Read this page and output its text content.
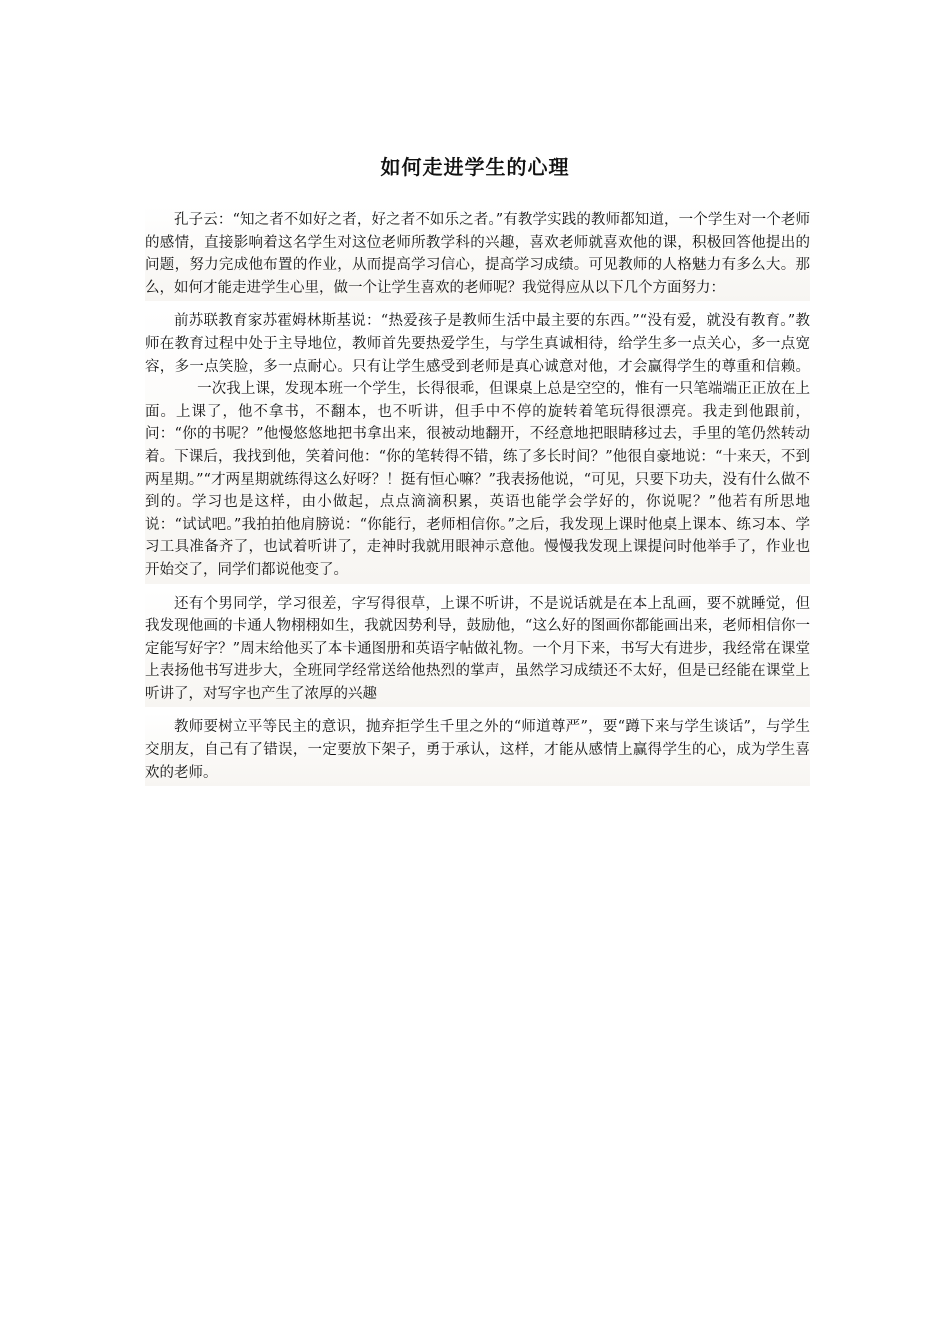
如何走进学生的心理

孔子云：“知之者不如好之者，好之者不如乐之者。”有教学实践的教师都知道，一个学生对一个老师的感情，直接影响着这名学生对这位老师所教学科的兴趣，喜欢老师就喜欢他的课，积极回答他提出的问题，努力完成他布置的作业，从而提高学习信心，提高学习成绩。可见教师的人格魅力有多么大。那么，如何才能走进学生心里，做一个让学生喜欢的老师呢？我觉得应从以下几个方面努力：

前苏联教育家苏霍姆林斯基说：“热爱孩子是教师生活中最主要的东西。”“没有爱，就没有教育。”教师在教育过程中处于主导地位，教师首先要热爱学生，与学生真诚相待，给学生多一点关心，多一点宽容，多一点笑脸，多一点耐心。只有让学生感受到老师是真心诚意对他，才会赢得学生的尊重和信赖。一次我上课，发现本班一个学生，长得很乖，但课桌上总是空空的，惟有一只笔端端正正放在上面。上课了，他不拿书，不翻本，也不听讲，但手中不停的旋转着笔玩得很漂亮。我走到他跟前，问：“你的书呢？”他慢悠悠地把书拿出来，很被动地翻开，不经意地把眼睛移过去，手里的笔仍然转动着。下课后，我找到他，笑着问他：“你的笔转得不错，练了多长时间？”他很自豪地说：“十来天，不到两星期。”“才两星期就练得这么好呀？！挺有恒心嘛？”我表扬他说，“可见，只要下功夫，没有什么做不到的。学习也是这样，由小做起，点点滴滴积累，英语也能学会学好的，你说呢？”他若有所思地说：“试试吧。”我拍拍他肩膀说：“你能行，老师相信你。”之后，我发现上课时他桌上课本、练习本、学习工具准备齐了，也试着听讲了，走神时我就用眼神示意他。慢慢我发现上课提问时他举手了，作业也开始交了，同学们都说他变了。

还有个男同学，学习很差，字写得很草，上课不听讲，不是说话就是在本上乱画，要不就睡觉，但我发现他画的卡通人物栩栩如生，我就因势利导，鼓励他，“这么好的图画你都能画出来，老师相信你一定能写好字？”周末给他买了本卡通图册和英语字帖做礼物。一个月下来，书写大有进步，我经常在课堂上表扬他书写进步大，全班同学经常送给他热烈的掌声，虽然学习成绩还不太好，但是已经能在课堂上听讲了，对写字也产生了浓厚的兴趣

教师要树立平等民主的意识，抛弃拒学生千里之外的“师道尊严”，要“蹲下来与学生谈话”，与学生交朋友，自己有了错误，一定要放下架子，勇于承认，这样，才能从感情上赢得学生的心，成为学生喜欢的老师。
